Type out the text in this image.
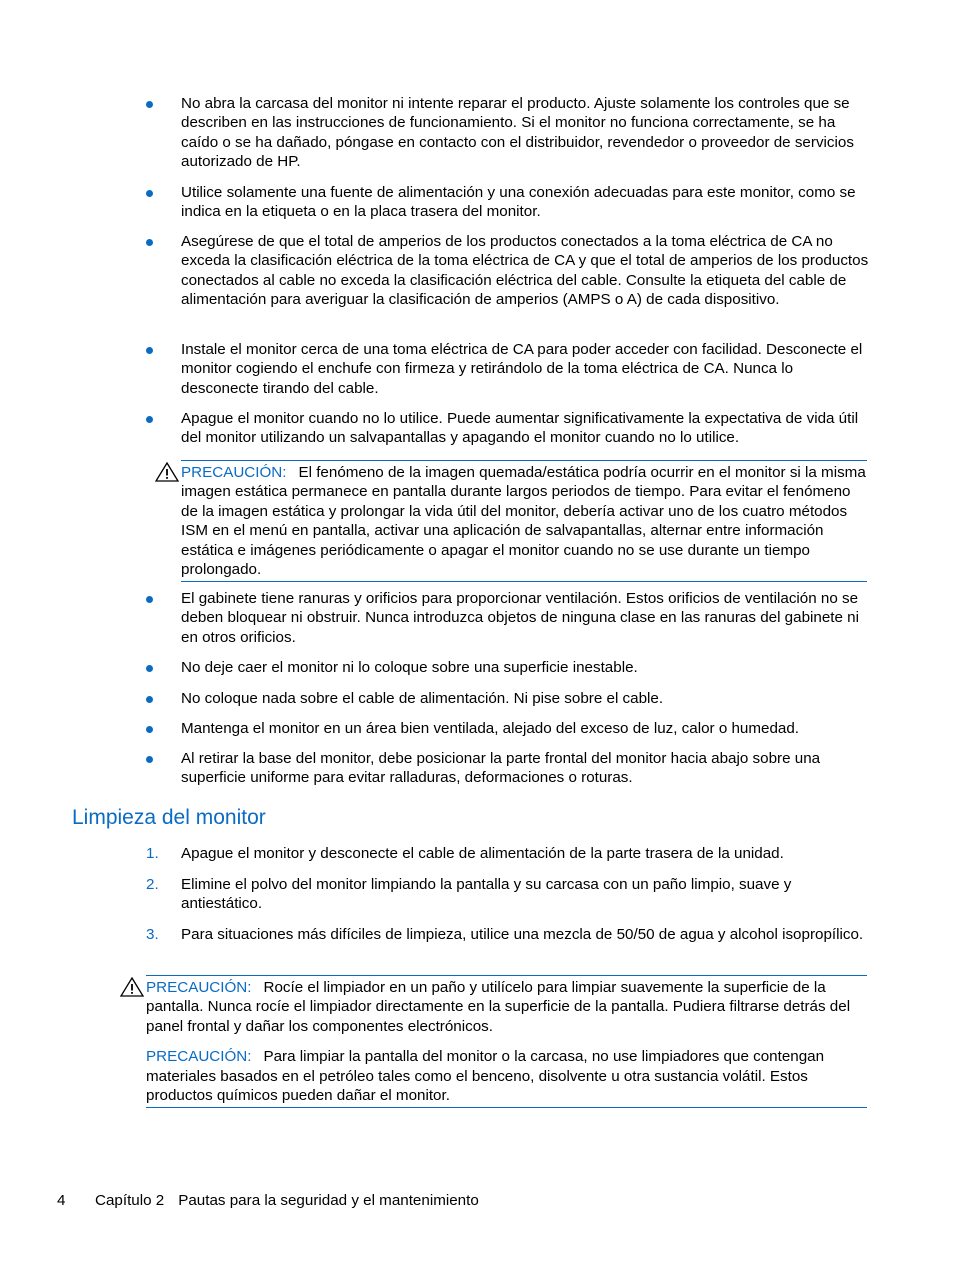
No abra la carcasa del monitor ni intente reparar el producto. Ajuste solamente los controles que se describen en las instrucciones de funcionamiento. Si el monitor no funciona correctamente, se ha caído o se ha dañado, póngase en contacto con el distribuidor, revendedor o proveedor de servicios autorizado de HP.
Utilice solamente una fuente de alimentación y una conexión adecuadas para este monitor, como se indica en la etiqueta o en la placa trasera del monitor.
Asegúrese de que el total de amperios de los productos conectados a la toma eléctrica de CA no exceda la clasificación eléctrica de la toma eléctrica de CA y que el total de amperios de los productos conectados al cable no exceda la clasificación eléctrica del cable. Consulte la etiqueta del cable de alimentación para averiguar la clasificación de amperios (AMPS o A) de cada dispositivo.
Instale el monitor cerca de una toma eléctrica de CA para poder acceder con facilidad. Desconecte el monitor cogiendo el enchufe con firmeza y retirándolo de la toma eléctrica de CA. Nunca lo desconecte tirando del cable.
Apague el monitor cuando no lo utilice. Puede aumentar significativamente la expectativa de vida útil del monitor utilizando un salvapantallas y apagando el monitor cuando no lo utilice.

PRECAUCIÓN: El fenómeno de la imagen quemada/estática podría ocurrir en el monitor si la misma imagen estática permanece en pantalla durante largos periodos de tiempo. Para evitar el fenómeno de la imagen estática y prolongar la vida útil del monitor, debería activar uno de los cuatro métodos ISM en el menú en pantalla, activar una aplicación de salvapantallas, alternar entre información estática e imágenes periódicamente o apagar el monitor cuando no se use durante un tiempo prolongado.

El gabinete tiene ranuras y orificios para proporcionar ventilación. Estos orificios de ventilación no se deben bloquear ni obstruir. Nunca introduzca objetos de ninguna clase en las ranuras del gabinete ni en otros orificios.
No deje caer el monitor ni lo coloque sobre una superficie inestable.
No coloque nada sobre el cable de alimentación. Ni pise sobre el cable.
Mantenga el monitor en un área bien ventilada, alejado del exceso de luz, calor o humedad.
Al retirar la base del monitor, debe posicionar la parte frontal del monitor hacia abajo sobre una superficie uniforme para evitar ralladuras, deformaciones o roturas.
Limpieza del monitor
1. Apague el monitor y desconecte el cable de alimentación de la parte trasera de la unidad.
2. Elimine el polvo del monitor limpiando la pantalla y su carcasa con un paño limpio, suave y antiestático.
3. Para situaciones más difíciles de limpieza, utilice una mezcla de 50/50 de agua y alcohol isopropílico.

PRECAUCIÓN: Rocíe el limpiador en un paño y utilícelo para limpiar suavemente la superficie de la pantalla. Nunca rocíe el limpiador directamente en la superficie de la pantalla. Pudiera filtrarse detrás del panel frontal y dañar los componentes electrónicos.

PRECAUCIÓN: Para limpiar la pantalla del monitor o la carcasa, no use limpiadores que contengan materiales basados en el petróleo tales como el benceno, disolvente u otra sustancia volátil. Estos productos químicos pueden dañar el monitor.

4 Capítulo 2 Pautas para la seguridad y el mantenimiento
